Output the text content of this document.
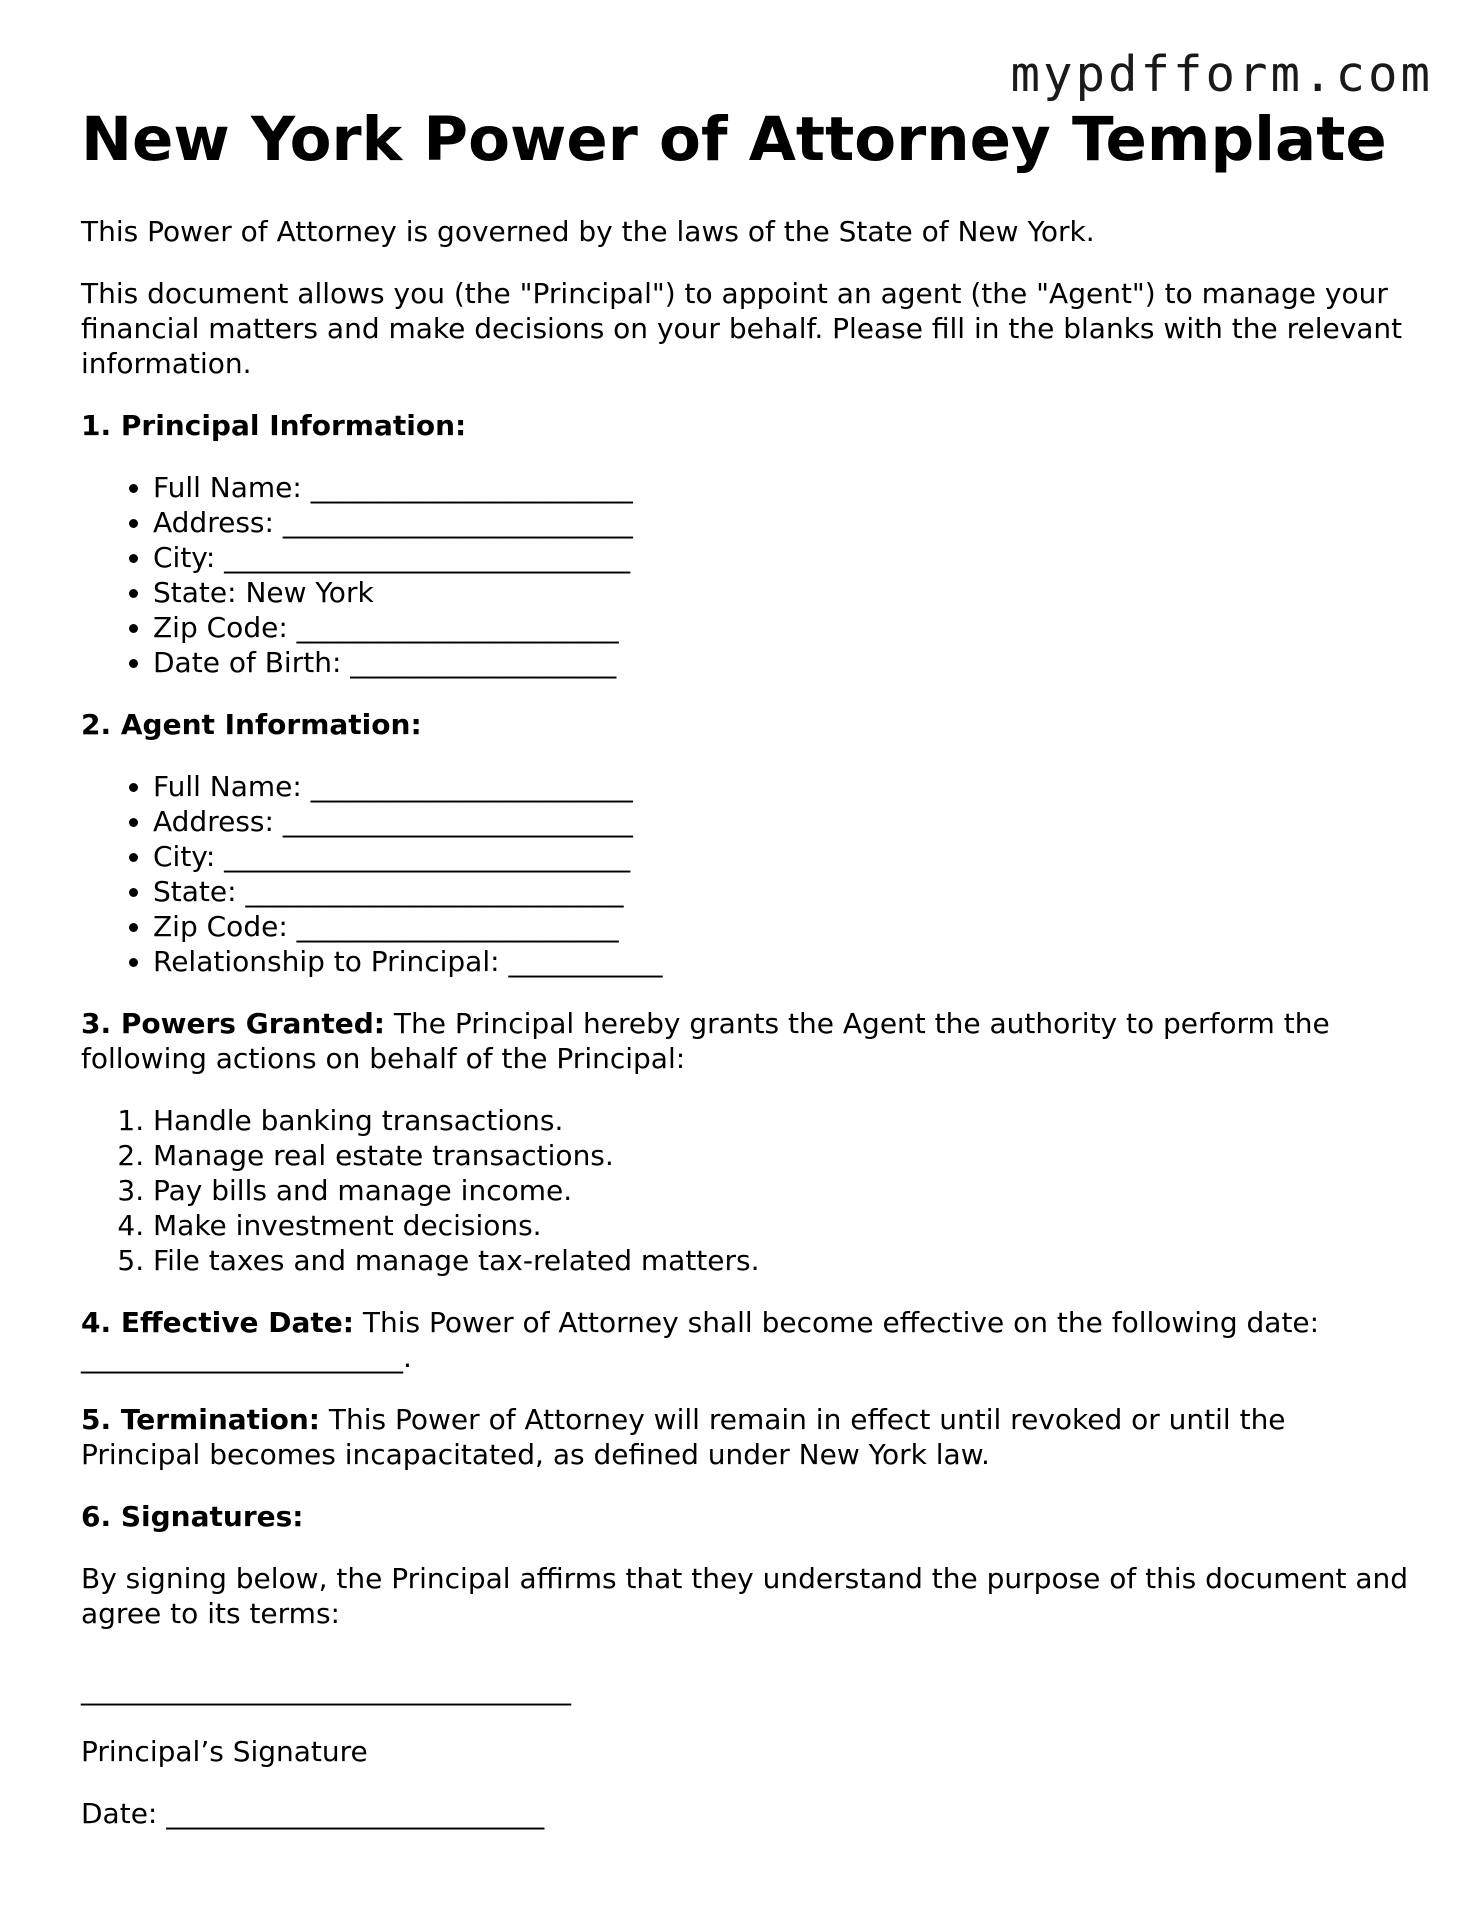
mypdfform.com
New York Power of Attorney Template

This Power of Attorney is governed by the laws of the State of New York.

This document allows you (the "Principal") to appoint an agent (the "Agent") to manage your financial matters and make decisions on your behalf. Please fill in the blanks with the relevant information.

1. Principal Information:
• Full Name: _______________________
• Address: _________________________
• City: _____________________________
• State: New York
• Zip Code: _______________________
• Date of Birth: ___________________
2. Agent Information:
• Full Name: _______________________
• Address: _________________________
• City: _____________________________
• State: ___________________________
• Zip Code: _______________________
• Relationship to Principal: ___________

3. Powers Granted: The Principal hereby grants the Agent the authority to perform the following actions on behalf of the Principal:

1. Handle banking transactions.
2. Manage real estate transactions.
3. Pay bills and manage income.
4. Make investment decisions.
5. File taxes and manage tax-related matters.

4. Effective Date: This Power of Attorney shall become effective on the following date: _______________________.

5. Termination: This Power of Attorney will remain in effect until revoked or until the Principal becomes incapacitated, as defined under New York law.

6. Signatures:

By signing below, the Principal affirms that they understand the purpose of this document and agree to its terms:

___________________________________

Principal’s Signature

Date: ___________________________
